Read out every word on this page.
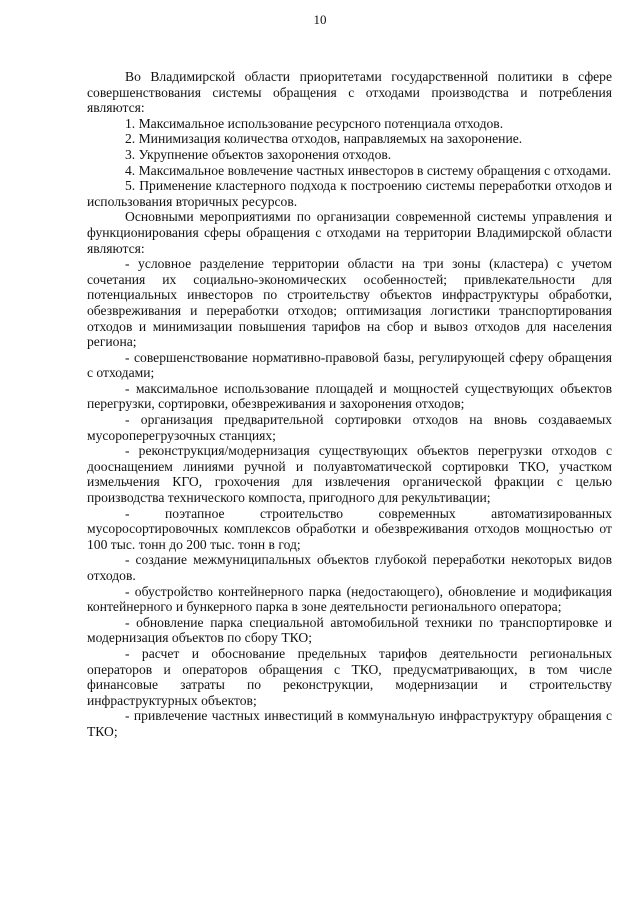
10

Во Владимирской области приоритетами государственной политики в сфере совершенствования системы обращения с отходами производства и потребления являются:

1. Максимальное использование ресурсного потенциала отходов.

2. Минимизация количества отходов, направляемых на захоронение.

3. Укрупнение объектов захоронения отходов.

4. Максимальное вовлечение частных инвесторов в систему обращения с отходами.

5. Применение кластерного подхода к построению системы переработки отходов и использования вторичных ресурсов.

Основными мероприятиями по организации современной системы управления и функционирования сферы обращения с отходами на территории Владимирской области являются:

- условное разделение территории области на три зоны (кластера) с учетом сочетания их социально-экономических особенностей; привлекательности для потенциальных инвесторов по строительству объектов инфраструктуры обработки, обезвреживания и переработки отходов; оптимизация логистики транспортирования отходов и минимизации повышения тарифов на сбор и вывоз отходов для населения региона;

- совершенствование нормативно-правовой базы, регулирующей сферу обращения с отходами;

- максимальное использование площадей и мощностей существующих объектов перегрузки, сортировки, обезвреживания и захоронения отходов;

- организация предварительной сортировки отходов на вновь создаваемых мусороперегрузочных станциях;

- реконструкция/модернизация существующих объектов перегрузки отходов с дооснащением линиями ручной и полуавтоматической сортировки ТКО, участком измельчения КГО, грохочения для извлечения органической фракции с целью производства технического компоста, пригодного для рекультивации;

- поэтапное строительство современных автоматизированных мусоросортировочных комплексов обработки и обезвреживания отходов мощностью от 100 тыс. тонн до 200 тыс. тонн в год;

- создание межмуниципальных объектов глубокой переработки некоторых видов отходов.

- обустройство контейнерного парка (недостающего), обновление и модификация контейнерного и бункерного парка в зоне деятельности регионального оператора;

- обновление парка специальной автомобильной техники по транспортировке и модернизация объектов по сбору ТКО;

- расчет и обоснование предельных тарифов деятельности региональных операторов и операторов обращения с ТКО, предусматривающих, в том числе финансовые затраты по реконструкции, модернизации и строительству инфраструктурных объектов;

- привлечение частных инвестиций в коммунальную инфраструктуру обращения с ТКО;
